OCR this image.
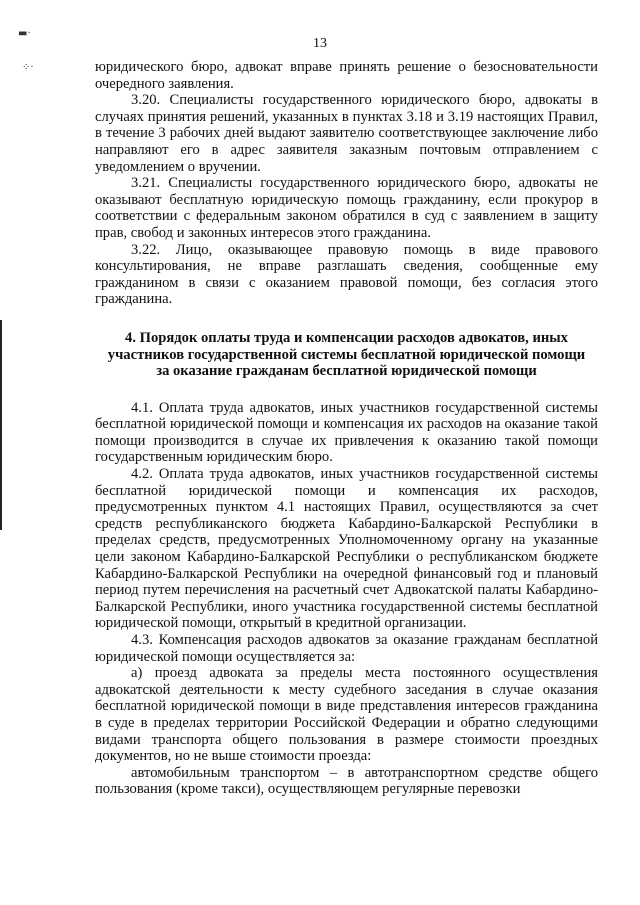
▬·
⁘·
13

юридического бюро, адвокат вправе принять решение о безосновательности очередного заявления.

3.20. Специалисты государственного юридического бюро, адвокаты в случаях принятия решений, указанных в пунктах 3.18 и 3.19 настоящих Правил, в течение 3 рабочих дней выдают заявителю соответствующее заключение либо направляют его в адрес заявителя заказным почтовым отправлением с уведомлением о вручении.

3.21. Специалисты государственного юридического бюро, адвокаты не оказывают бесплатную юридическую помощь гражданину, если прокурор в соответствии с федеральным законом обратился в суд с заявлением в защиту прав, свобод и законных интересов этого гражданина.

3.22. Лицо, оказывающее правовую помощь в виде правового консультирования, не вправе разглашать сведения, сообщенные ему гражданином в связи с оказанием правовой помощи, без согласия этого гражданина.

4. Порядок оплаты труда и компенсации расходов адвокатов, иных участников государственной системы бесплатной юридической помощи за оказание гражданам бесплатной юридической помощи

4.1. Оплата труда адвокатов, иных участников государственной системы бесплатной юридической помощи и компенсация их расходов на оказание такой помощи производится в случае их привлечения к оказанию такой помощи государственным юридическим бюро.

4.2. Оплата труда адвокатов, иных участников государственной системы бесплатной юридической помощи и компенсация их расходов, предусмотренных пунктом 4.1 настоящих Правил, осуществляются за счет средств республиканского бюджета Кабардино-Балкарской Республики в пределах средств, предусмотренных Уполномоченному органу на указанные цели законом Кабардино-Балкарской Республики о республиканском бюджете Кабардино-Балкарской Республики на очередной финансовый год и плановый период путем перечисления на расчетный счет Адвокатской палаты Кабардино-Балкарской Республики, иного участника государственной системы бесплатной юридической помощи, открытый в кредитной организации.

4.3. Компенсация расходов адвокатов за оказание гражданам бесплатной юридической помощи осуществляется за:

а) проезд адвоката за пределы места постоянного осуществления адвокатской деятельности к месту судебного заседания в случае оказания бесплатной юридической помощи в виде представления интересов гражданина в суде в пределах территории Российской Федерации и обратно следующими видами транспорта общего пользования в размере стоимости проездных документов, но не выше стоимости проезда:

автомобильным транспортом – в автотранспортном средстве общего пользования (кроме такси), осуществляющем регулярные перевозки
